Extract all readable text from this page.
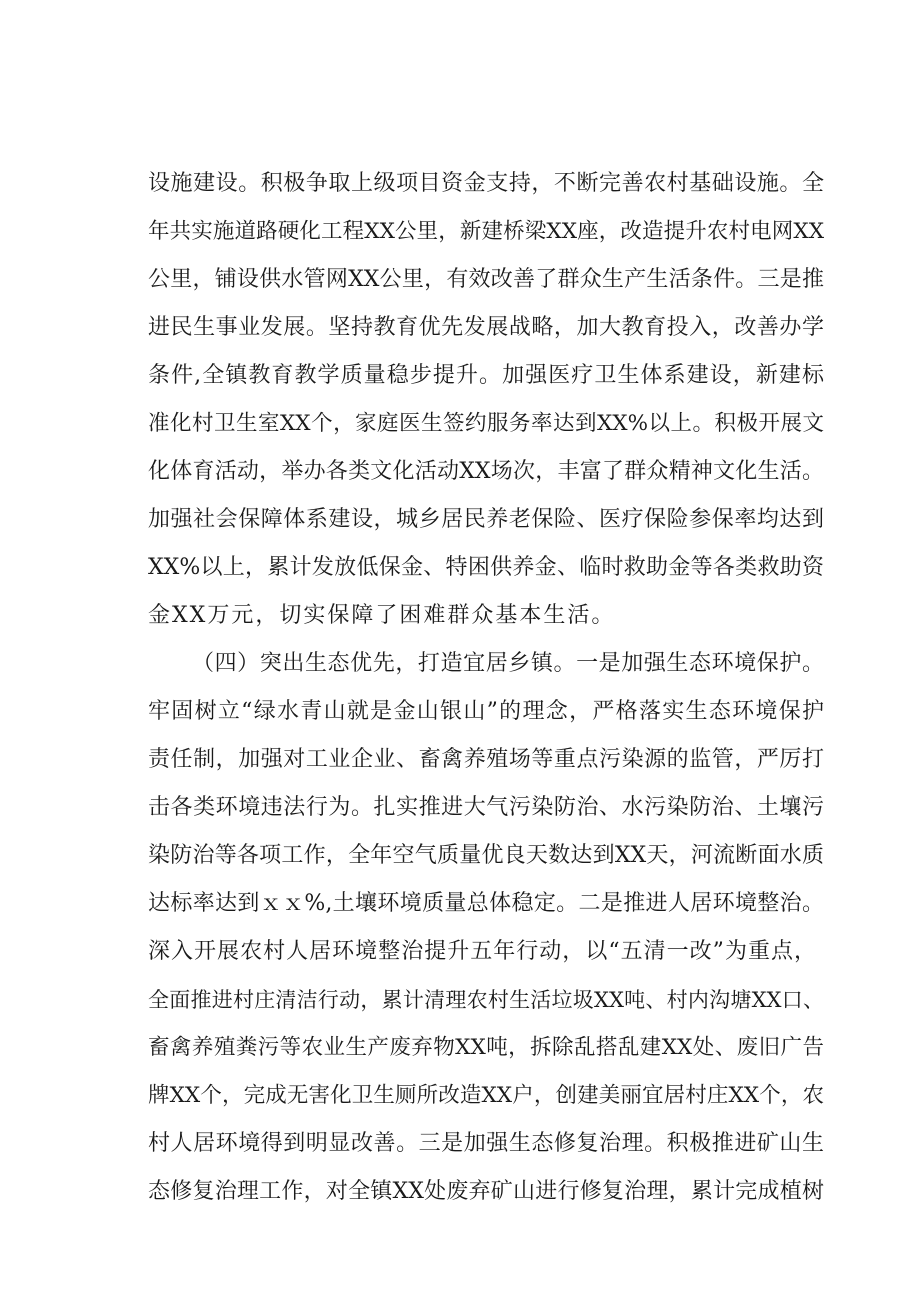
设施建设。积极争取上级项目资金支持，不断完善农村基础设施。全
年共实施道路硬化工程XX公里，新建桥梁XX座，改造提升农村电网XX
公里，铺设供水管网XX公里，有效改善了群众生产生活条件。三是推
进民生事业发展。坚持教育优先发展战略，加大教育投入，改善办学
条件,全镇教育教学质量稳步提升。加强医疗卫生体系建设，新建标
准化村卫生室XX个，家庭医生签约服务率达到XX%以上。积极开展文
化体育活动，举办各类文化活动XX场次，丰富了群众精神文化生活。
加强社会保障体系建设，城乡居民养老保险、医疗保险参保率均达到
XX%以上，累计发放低保金、特困供养金、临时救助金等各类救助资
金XX万元，切实保障了困难群众基本生活。
（四）突出生态优先，打造宜居乡镇。一是加强生态环境保护。
牢固树立“绿水青山就是金山银山”的理念，严格落实生态环境保护
责任制，加强对工业企业、畜禽养殖场等重点污染源的监管，严厉打
击各类环境违法行为。扎实推进大气污染防治、水污染防治、土壤污
染防治等各项工作，全年空气质量优良天数达到XX天，河流断面水质
达标率达到ｘｘ%,土壤环境质量总体稳定。二是推进人居环境整治。
深入开展农村人居环境整治提升五年行动，以“五清一改”为重点，
全面推进村庄清洁行动，累计清理农村生活垃圾XX吨、村内沟塘XX口、
畜禽养殖粪污等农业生产废弃物XX吨，拆除乱搭乱建XX处、废旧广告
牌XX个，完成无害化卫生厕所改造XX户，创建美丽宜居村庄XX个，农
村人居环境得到明显改善。三是加强生态修复治理。积极推进矿山生
态修复治理工作，对全镇XX处废弃矿山进行修复治理，累计完成植树
